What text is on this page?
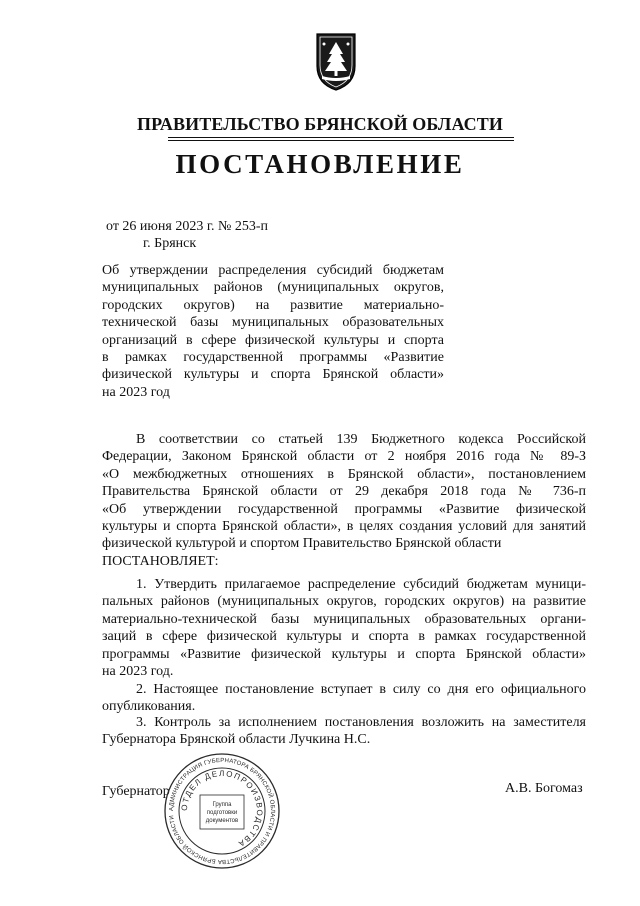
ПРАВИТЕЛЬСТВО БРЯНСКОЙ ОБЛАСТИ
ПОСТАНОВЛЕНИЕ
от 26 июня 2023 г. № 253-п
г. Брянск
Об утверждении распределения субсидий бюджетам
муниципальных районов (муниципальных округов,
городских округов) на развитие материально-
технической базы муниципальных образовательных
организаций в сфере физической культуры и спорта
в рамках государственной программы «Развитие
физической культуры и спорта Брянской области»
на 2023 год
В соответствии со статьей 139 Бюджетного кодекса Российской
Федерации, Законом Брянской области от 2 ноября 2016 года № 89-З
«О межбюджетных отношениях в Брянской области», постановлением
Правительства Брянской области от 29 декабря 2018 года № 736-п
«Об утверждении государственной программы «Развитие физической
культуры и спорта Брянской области», в целях создания условий для занятий
физической культурой и спортом Правительство Брянской области
ПОСТАНОВЛЯЕТ:
1. Утвердить прилагаемое распределение субсидий бюджетам муници-
пальных районов (муниципальных округов, городских округов) на развитие
материально-технической базы муниципальных образовательных органи-
заций в сфере физической культуры и спорта в рамках государственной
программы «Развитие физической культуры и спорта Брянской области»
на 2023 год.
2. Настоящее постановление вступает в силу со дня его официального
опубликования.
3. Контроль за исполнением постановления возложить на заместителя
Губернатора Брянской области Лучкина Н.С.
Губернатор	А.В. Богомаз
АДМИНИСТРАЦИЯ ГУБЕРНАТОРА БРЯНСКОЙ ОБЛАСТИ И ПРАВИТЕЛЬСТВА БРЯНСКОЙ ОБЛАСТИ
ОТДЕЛ ДЕЛОПРОИЗВОДСТВА
Группа
подготовки
документов
